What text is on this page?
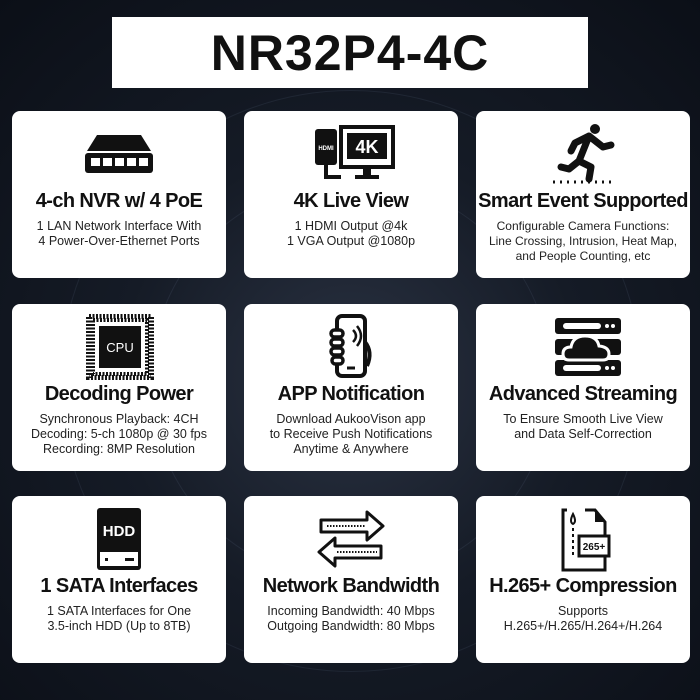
NR32P4-4C
4-ch NVR w/ 4 PoE
1 LAN Network Interface With
4 Power-Over-Ethernet Ports
HDMI 4K
4K Live View
1 HDMI Output @4k
1 VGA Output @1080p
Smart Event Supported
Configurable Camera Functions:
Line Crossing, Intrusion, Heat Map,
and People Counting, etc
CPU
Decoding Power
Synchronous Playback: 4CH
Decoding: 5-ch 1080p @ 30 fps
Recording: 8MP Resolution
APP Notification
Download AukooVison app
to Receive Push Notifications
Anytime & Anywhere
Advanced Streaming
To Ensure Smooth Live View
and Data Self-Correction
HDD
1 SATA Interfaces
1 SATA Interfaces for One
3.5-inch HDD (Up to 8TB)
Network Bandwidth
Incoming Bandwidth: 40 Mbps
Outgoing Bandwidth: 80 Mbps
265+
H.265+ Compression
Supports
H.265+/H.265/H.264+/H.264
